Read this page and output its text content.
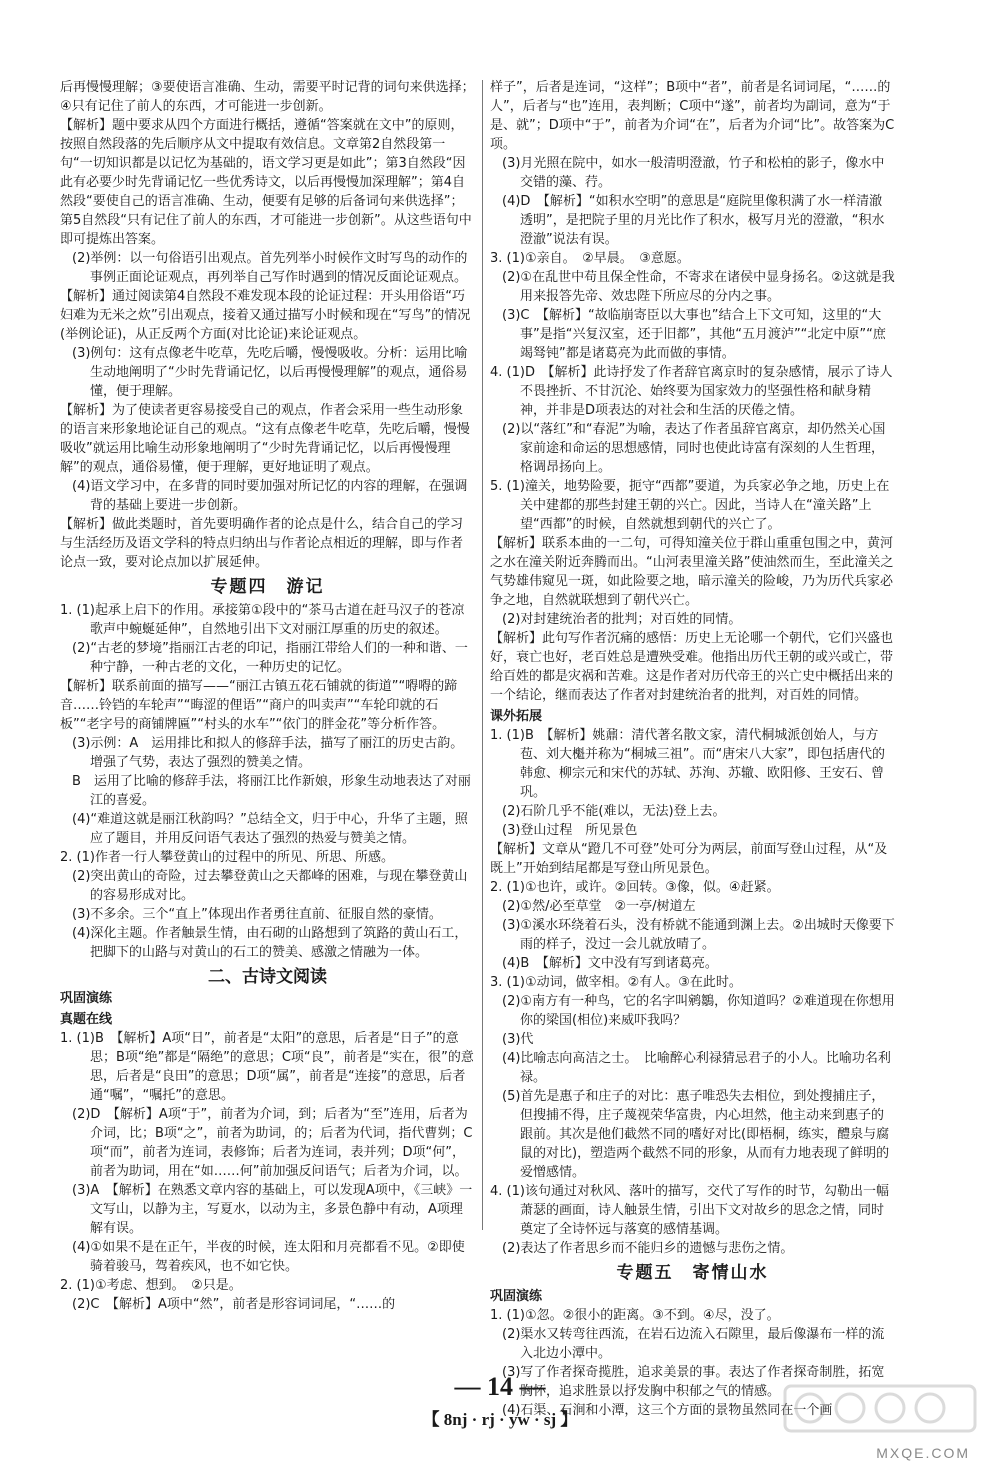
后再慢慢理解；③要使语言准确、生动，需要平时记背的词句来供选择；④只有记住了前人的东西，才可能进一步创新。

【解析】题中要求从四个方面进行概括，遵循“答案就在文中”的原则，按照自然段落的先后顺序从文中提取有效信息。文章第2自然段第一句“一切知识都是以记忆为基础的，语文学习更是如此”；第3自然段“因此有必要少时先背诵记忆一些优秀诗文，以后再慢慢加深理解”；第4自然段“要使自己的语言准确、生动，便要有足够的后备词句来供选择”；第5自然段“只有记住了前人的东西，才可能进一步创新”。从这些语句中即可提炼出答案。

(2)举例：以一句俗语引出观点。首先列举小时候作文时写鸟的动作的事例正面论证观点，再列举自己写作时遇到的情况反面论证观点。

【解析】通过阅读第4自然段不难发现本段的论证过程：开头用俗语“巧妇难为无米之炊”引出观点，接着又通过描写小时候和现在“写鸟”的情况(举例论证)，从正反两个方面(对比论证)来论证观点。

(3)例句：这有点像老牛吃草，先吃后嚼，慢慢吸收。分析：运用比喻生动地阐明了“少时先背诵记忆，以后再慢慢理解”的观点，通俗易懂，便于理解。

【解析】为了使读者更容易接受自己的观点，作者会采用一些生动形象的语言来形象地论证自己的观点。“这有点像老牛吃草，先吃后嚼，慢慢吸收”就运用比喻生动形象地阐明了“少时先背诵记忆，以后再慢慢理解”的观点，通俗易懂，便于理解，更好地证明了观点。

(4)语文学习中，在多背的同时要加强对所记忆的内容的理解，在强调背的基础上要进一步创新。

【解析】做此类题时，首先要明确作者的论点是什么，结合自己的学习与生活经历及语文学科的特点归纳出与作者论点相近的理解，即与作者论点一致，要对论点加以扩展延伸。

专题四　游记

1. (1)起承上启下的作用。承接第①段中的“茶马古道在赶马汉子的苍凉歌声中蜿蜒延伸”，自然地引出下文对丽江厚重的历史的叙述。

(2)“古老的梦境”指丽江古老的印记，指丽江带给人们的一种和谐、一种宁静，一种古老的文化，一种历史的记忆。

【解析】联系前面的描写——“丽江古镇五花石铺就的街道”“嘚嘚的蹄音……铃铛的车轮声”“晦涩的俚语”“商户的叫卖声”“车轮印就的石板”“老字号的商铺牌匾”“村头的水车”“依门的胖金花”等分析作答。

(3)示例：A　运用排比和拟人的修辞手法，描写了丽江的历史古韵。增强了气势，表达了强烈的赞美之情。

B　运用了比喻的修辞手法，将丽江比作新娘，形象生动地表达了对丽江的喜爱。

(4)“难道这就是丽江秋韵吗？”总结全文，归于中心，升华了主题，照应了题目，并用反问语气表达了强烈的热爱与赞美之情。

2. (1)作者一行人攀登黄山的过程中的所见、所思、所感。

(2)突出黄山的奇险，过去攀登黄山之天都峰的困难，与现在攀登黄山的容易形成对比。

(3)不多余。三个“直上”体现出作者勇往直前、征服自然的豪情。

(4)深化主题。作者触景生情，由石砌的山路想到了筑路的黄山石工，把脚下的山路与对黄山的石工的赞美、感激之情融为一体。

二、古诗文阅读
巩固演练
真题在线

1. (1)B　【解析】A项“日”，前者是“太阳”的意思，后者是“日子”的意思；B项“绝”都是“隔绝”的意思；C项“良”，前者是“实在，很”的意思，后者是“良田”的意思；D项“属”，前者是“连接”的意思，后者通“嘱”，“嘱托”的意思。

(2)D　【解析】A项“于”，前者为介词，到；后者为“至”连用，后者为介词，比；B项“之”，前者为助词，的；后者为代词，指代曹刿；C项“而”，前者为连词，表修饰；后者为连词，表并列；D项“何”，前者为助词，用在“如……何”前加强反问语气；后者为介词，以。

(3)A　【解析】在熟悉文章内容的基础上，可以发现A项中，《三峡》一文写山，以静为主，写夏水，以动为主，多景色静中有动，A项理解有误。

(4)①如果不是在正午，半夜的时候，连太阳和月亮都看不见。②即使骑着骏马，驾着疾风，也不如它快。

2. (1)①考虑、想到。　②只是。

(2)C　【解析】A项中“然”，前者是形容词词尾，“……的

样子”，后者是连词，“这样”；B项中“者”，前者是名词词尾，“……的人”，后者与“也”连用，表判断；C项中“遂”，前者均为副词，意为“于是、就”；D项中“于”，前者为介词“在”，后者为介词“比”。故答案为C项。

(3)月光照在院中，如水一般清明澄澈，竹子和松柏的影子，像水中交错的藻、荇。

(4)D　【解析】“如积水空明”的意思是“庭院里像积满了水一样清澈透明”，是把院子里的月光比作了积水，极写月光的澄澈，“积水澄澈”说法有误。

3. (1)①亲自。　②早晨。　③意愿。

(2)①在乱世中苟且保全性命，不寄求在诸侯中显身扬名。②这就是我用来报答先帝、效忠陛下所应尽的分内之事。

(3)C　【解析】“故临崩寄臣以大事也”结合上下文可知，这里的“大事”是指“兴复汉室，还于旧都”，其他“五月渡泸”“北定中原”“庶竭驽钝”都是诸葛亮为此而做的事情。

4. (1)D　【解析】此诗抒发了作者辞官离京时的复杂感情，展示了诗人不畏挫折、不甘沉沦、始终要为国家效力的坚强性格和献身精神，并非是D项表达的对社会和生活的厌倦之情。

(2)以“落红”和“春泥”为喻，表达了作者虽辞官离京，却仍然关心国家前途和命运的思想感情，同时也使此诗富有深刻的人生哲理，格调昂扬向上。

5. (1)潼关，地势险要，扼守“西都”要道，为兵家必争之地，历史上在关中建都的那些封建王朝的兴亡。因此，当诗人在“潼关路”上望“西都”的时候，自然就想到朝代的兴亡了。

【解析】联系本曲的一二句，可得知潼关位于群山重重包围之中，黄河之水在潼关附近奔腾而出。“山河表里潼关路”使油然而生，至此潼关之气势雄伟窥见一斑，如此险要之地，暗示潼关的险峻，乃为历代兵家必争之地，自然就联想到了朝代兴亡。

(2)对封建统治者的批判；对百姓的同情。

【解析】此句写作者沉痛的感悟：历史上无论哪一个朝代，它们兴盛也好，衰亡也好，老百姓总是遭殃受难。他指出历代王朝的或兴或亡，带给百姓的都是灾祸和苦难。这是作者对历代帝王的兴亡史中概括出来的一个结论，继而表达了作者对封建统治者的批判，对百姓的同情。

课外拓展

1. (1)B　【解析】姚鼐：清代著名散文家，清代桐城派创始人，与方苞、刘大櫆并称为“桐城三祖”。而“唐宋八大家”，即包括唐代的韩愈、柳宗元和宋代的苏轼、苏洵、苏辙、欧阳修、王安石、曾巩。

(2)石阶几乎不能(难以，无法)登上去。

(3)登山过程　所见景色

【解析】文章从“蹬几不可登”处可分为两层，前面写登山过程，从“及既上”开始到结尾都是写登山所见景色。

2. (1)①也许，或许。②回转。③像，似。④赶紧。

(2)①然/必至草堂　②一亭/树道左

(3)①溪水环绕着石头，没有桥就不能通到渊上去。②出城时天像要下雨的样子，没过一会儿就放晴了。

(4)B　【解析】文中没有写到诸葛亮。

3. (1)①动词，做宰相。②有人。③在此时。

(2)①南方有一种鸟，它的名字叫鹓鶵，你知道吗？②难道现在你想用你的梁国(相位)来威吓我吗？

(3)代

(4)比喻志向高洁之士。　比喻醉心利禄猜忌君子的小人。比喻功名利禄。

(5)首先是惠子和庄子的对比：惠子唯恐失去相位，到处搜捕庄子，但搜捕不得，庄子蔑视荣华富贵，内心坦然，他主动来到惠子的跟前。其次是他们截然不同的嗜好对比(即梧桐，练实，醴泉与腐鼠的对比)，塑造两个截然不同的形象，从而有力地表现了鲜明的爱憎感情。

4. (1)该句通过对秋风、落叶的描写，交代了写作的时节，勾勒出一幅萧瑟的画面，诗人触景生情，引出下文对故乡的思念之情，同时奠定了全诗怀远与落寞的感情基调。

(2)表达了作者思乡而不能归乡的遗憾与悲伤之情。

专题五　寄情山水
巩固演练

1. (1)①忽。②很小的距离。③不到。④尽，没了。

(2)渠水又转弯往西流，在岩石边流入石隙里，最后像瀑布一样的流入北边小潭中。

(3)写了作者探奇揽胜，追求美景的事。表达了作者探奇制胜，拓宽胸怀，追求胜景以抒发胸中积郁之气的情感。

(4)石渠、石涧和小潭，这三个方面的景物虽然同在一个画

— 14 —
【 8nj · rj · yw · sj 】
MXQE.COM
